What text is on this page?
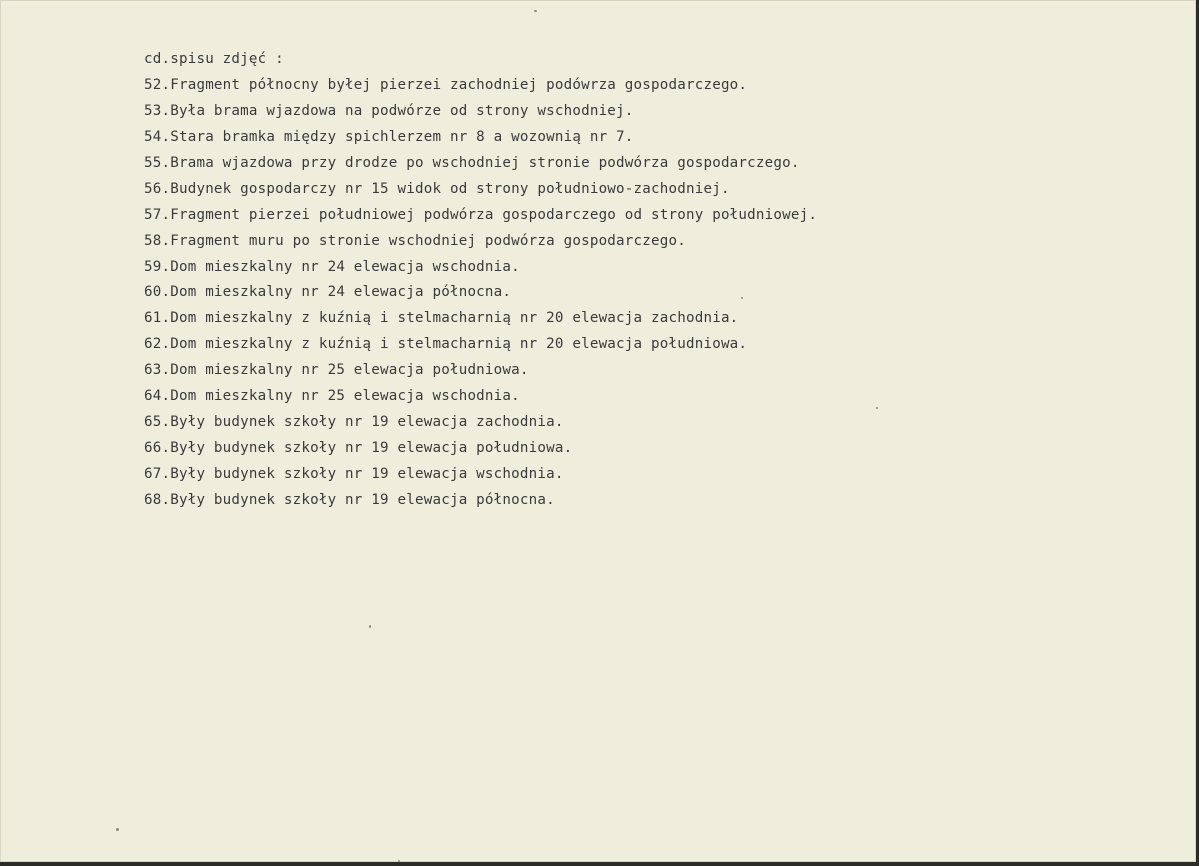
cd.spisu zdjęć :
52.Fragment północny byłej pierzei zachodniej podówrza gospodarczego.
53.Była brama wjazdowa na podwórze od strony wschodniej.
54.Stara bramka między spichlerzem nr 8 a wozownią nr 7.
55.Brama wjazdowa przy drodze po wschodniej stronie podwórza gospodarczego.
56.Budynek gospodarczy nr 15 widok od strony południowo-zachodniej.
57.Fragment pierzei południowej podwórza gospodarczego od strony południowej.
58.Fragment muru po stronie wschodniej podwórza gospodarczego.
59.Dom mieszkalny nr 24 elewacja wschodnia.
60.Dom mieszkalny nr 24 elewacja północna.
61.Dom mieszkalny z kuźnią i stelmacharnią nr 20 elewacja zachodnia.
62.Dom mieszkalny z kuźnią i stelmacharnią nr 20 elewacja południowa.
63.Dom mieszkalny nr 25 elewacja południowa.
64.Dom mieszkalny nr 25 elewacja wschodnia.
65.Były budynek szkoły nr 19 elewacja zachodnia.
66.Były budynek szkoły nr 19 elewacja południowa.
67.Były budynek szkoły nr 19 elewacja wschodnia.
68.Były budynek szkoły nr 19 elewacja północna.
